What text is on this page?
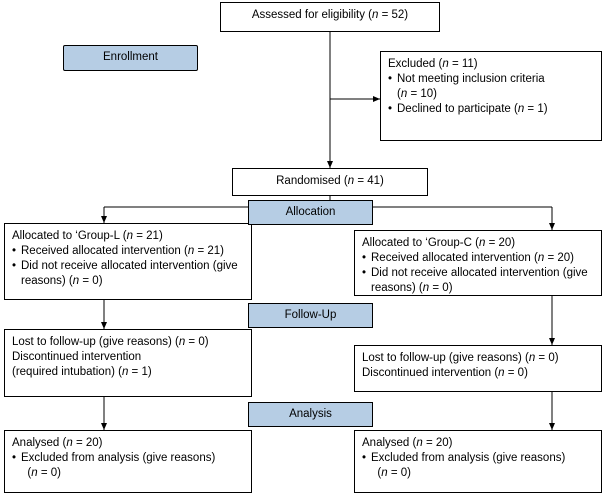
Assessed for eligibility (n = 52)
Enrollment
Excluded (n = 11)
• Not meeting inclusion criteria
(n = 10)
• Declined to participate (n = 1)
Randomised (n = 41)
Allocated to ‘Group-L (n = 21)
• Received allocated intervention (n = 21)
• Did not receive allocated intervention (give reasons) (n = 0)
Allocated to ‘Group-C (n = 20)
• Received allocated intervention (n = 20)
• Did not receive allocated intervention (give reasons) (n = 0)
Allocation
Lost to follow-up (give reasons) (n = 0)
Discontinued intervention
(required intubation) (n = 1)
Lost to follow-up (give reasons) (n = 0)
Discontinued intervention (n = 0)
Follow-Up
Analysed (n = 20)
• Excluded from analysis (give reasons)
(n = 0)
Analysed (n = 20)
• Excluded from analysis (give reasons)
(n = 0)
Analysis
